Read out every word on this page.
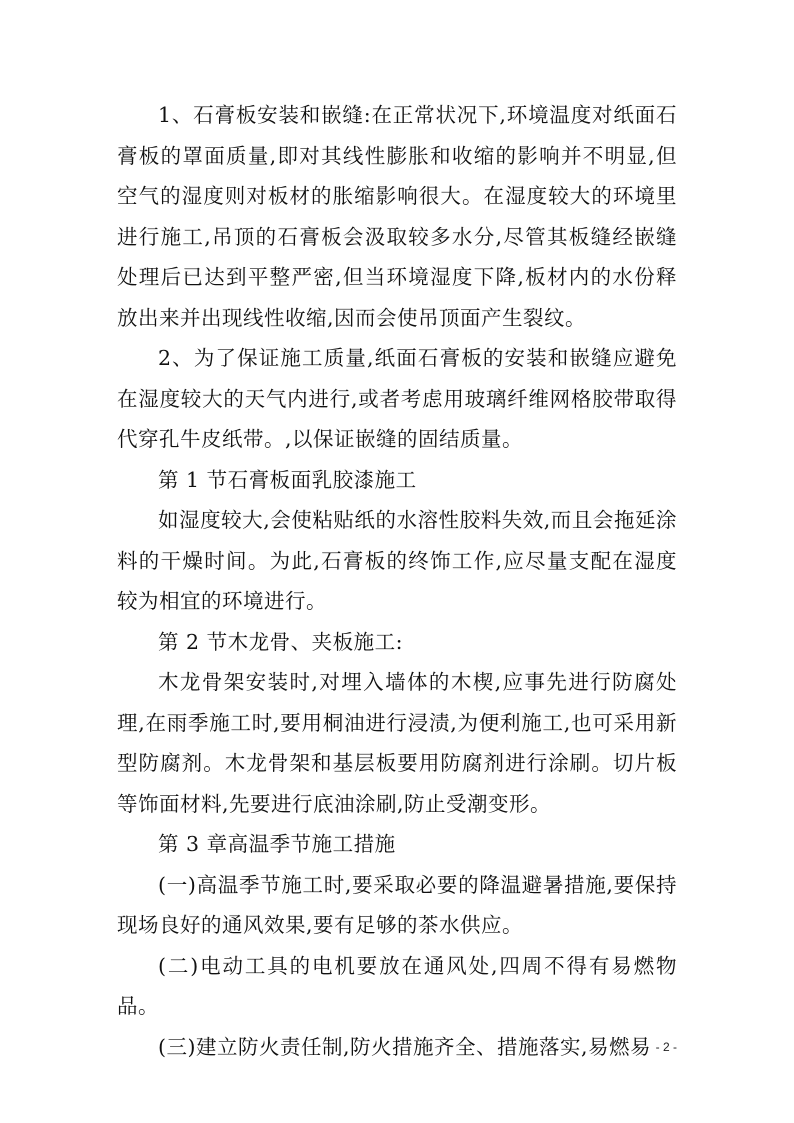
1、石膏板安装和嵌缝:在正常状况下,环境温度对纸面石膏板的罩面质量,即对其线性膨胀和收缩的影响并不明显,但空气的湿度则对板材的胀缩影响很大。在湿度较大的环境里进行施工,吊顶的石膏板会汲取较多水分,尽管其板缝经嵌缝处理后已达到平整严密,但当环境湿度下降,板材内的水份释放出来并出现线性收缩,因而会使吊顶面产生裂纹。

2、为了保证施工质量,纸面石膏板的安装和嵌缝应避免在湿度较大的天气内进行,或者考虑用玻璃纤维网格胶带取得代穿孔牛皮纸带。,以保证嵌缝的固结质量。

第 1 节石膏板面乳胶漆施工

如湿度较大,会使粘贴纸的水溶性胶料失效,而且会拖延涂料的干燥时间。为此,石膏板的终饰工作,应尽量支配在湿度较为相宜的环境进行。

第 2 节木龙骨、夹板施工:

木龙骨架安装时,对埋入墙体的木楔,应事先进行防腐处理,在雨季施工时,要用桐油进行浸渍,为便利施工,也可采用新型防腐剂。木龙骨架和基层板要用防腐剂进行涂刷。切片板等饰面材料,先要进行底油涂刷,防止受潮变形。

第 3 章高温季节施工措施

(一)高温季节施工时,要采取必要的降温避暑措施,要保持现场良好的通风效果,要有足够的茶水供应。

(二)电动工具的电机要放在通风处,四周不得有易燃物品。

(三)建立防火责任制,防火措施齐全、措施落实,易燃易 - 2 -
